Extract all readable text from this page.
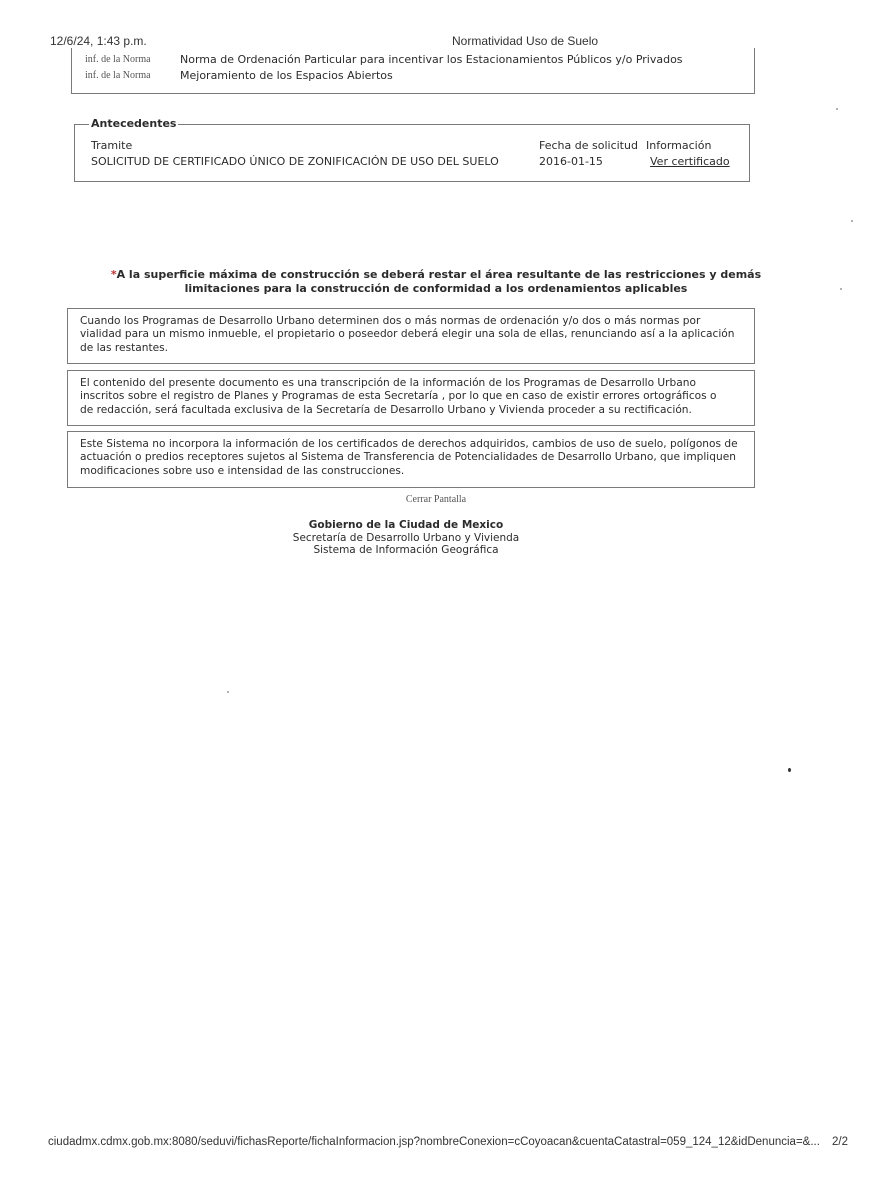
12/6/24, 1:43 p.m.	Normatividad Uso de Suelo
inf. de la Norma	Norma de Ordenación Particular para incentivar los Estacionamientos Públicos y/o Privados
inf. de la Norma	Mejoramiento de los Espacios Abiertos
Antecedentes
Tramite	Fecha de solicitud Información
SOLICITUD DE CERTIFICADO ÚNICO DE ZONIFICACIÓN DE USO DEL SUELO	2016-01-15	Ver certificado
*A la superficie máxima de construcción se deberá restar el área resultante de las restricciones y demás
limitaciones para la construcción de conformidad a los ordenamientos aplicables
Cuando los Programas de Desarrollo Urbano determinen dos o más normas de ordenación y/o dos o más normas por
vialidad para un mismo inmueble, el propietario o poseedor deberá elegir una sola de ellas, renunciando así a la aplicación
de las restantes.
El contenido del presente documento es una transcripción de la información de los Programas de Desarrollo Urbano
inscritos sobre el registro de Planes y Programas de esta Secretaría , por lo que en caso de existir errores ortográficos o
de redacción, será facultada exclusiva de la Secretaría de Desarrollo Urbano y Vivienda proceder a su rectificación.
Este Sistema no incorpora la información de los certificados de derechos adquiridos, cambios de uso de suelo, polígonos de
actuación o predios receptores sujetos al Sistema de Transferencia de Potencialidades de Desarrollo Urbano, que impliquen
modificaciones sobre uso e intensidad de las construcciones.
Cerrar Pantalla
Gobierno de la Ciudad de Mexico
Secretaría de Desarrollo Urbano y Vivienda
Sistema de Información Geográfica
ciudadmx.cdmx.gob.mx:8080/seduvi/fichasReporte/fichaInformacion.jsp?nombreConexion=cCoyoacan&cuentaCatastral=059_124_12&idDenuncia=&... 2/2
